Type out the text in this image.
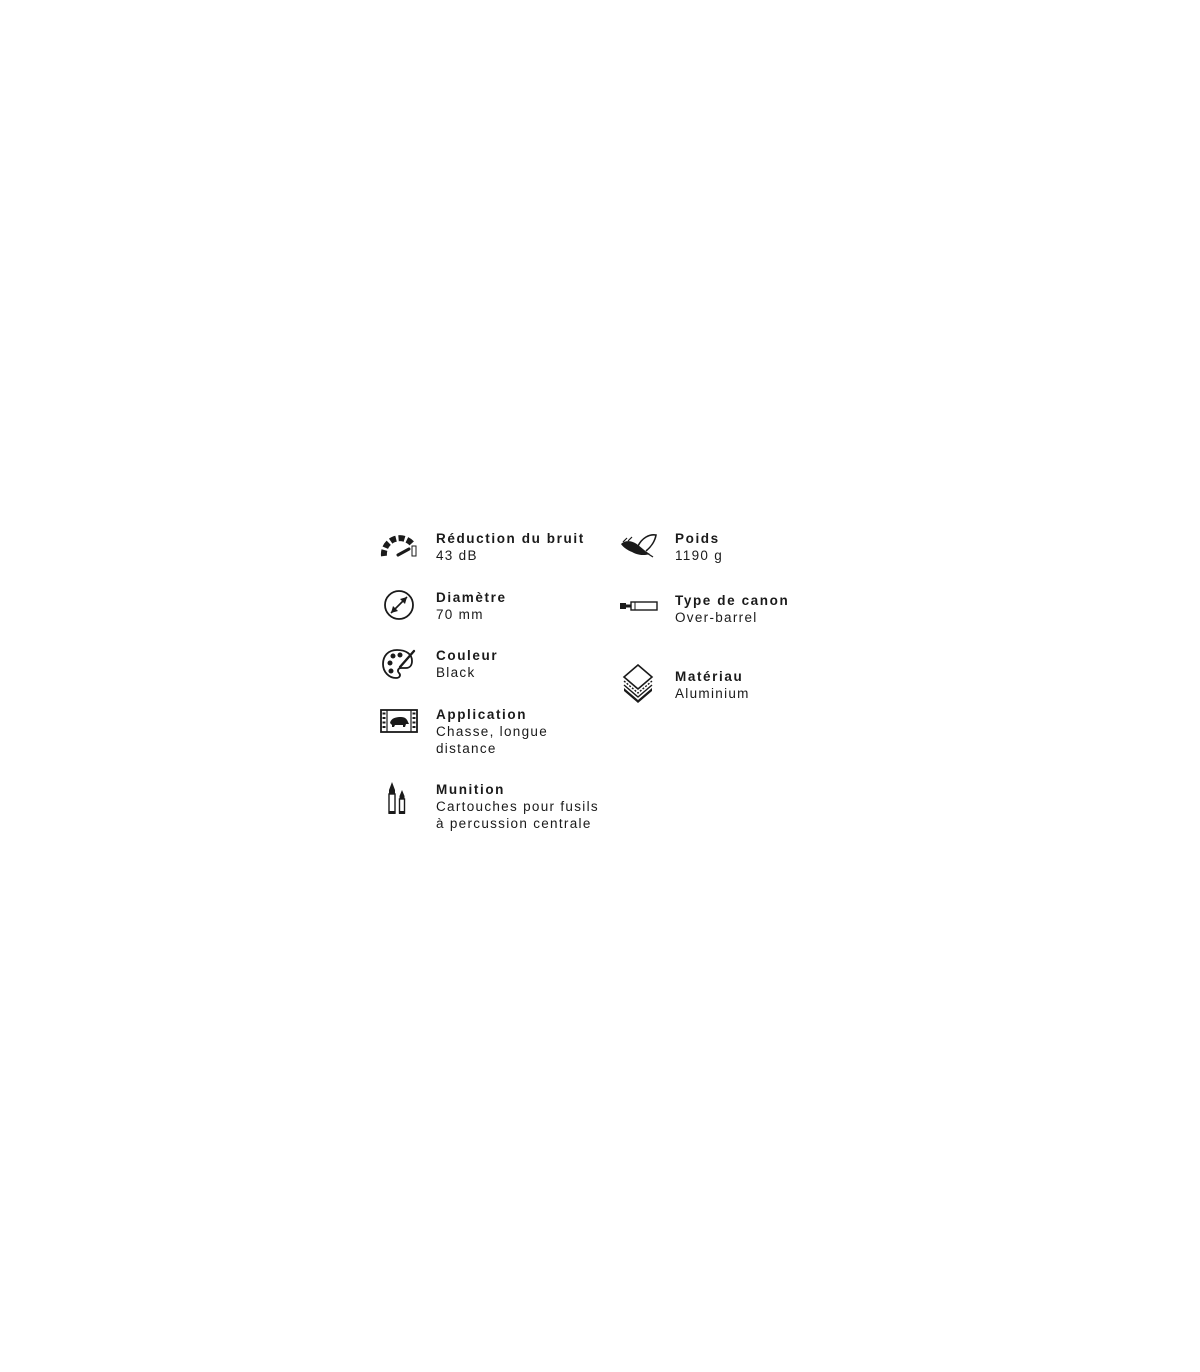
dB
Réduction du bruit
43 dB
Diamètre
70 mm
Couleur
Black
Application
Chasse, longue
distance
Munition
Cartouches pour fusils
à percussion centrale
Poids
1190 g
Type de canon
Over-barrel
Matériau
Aluminium
